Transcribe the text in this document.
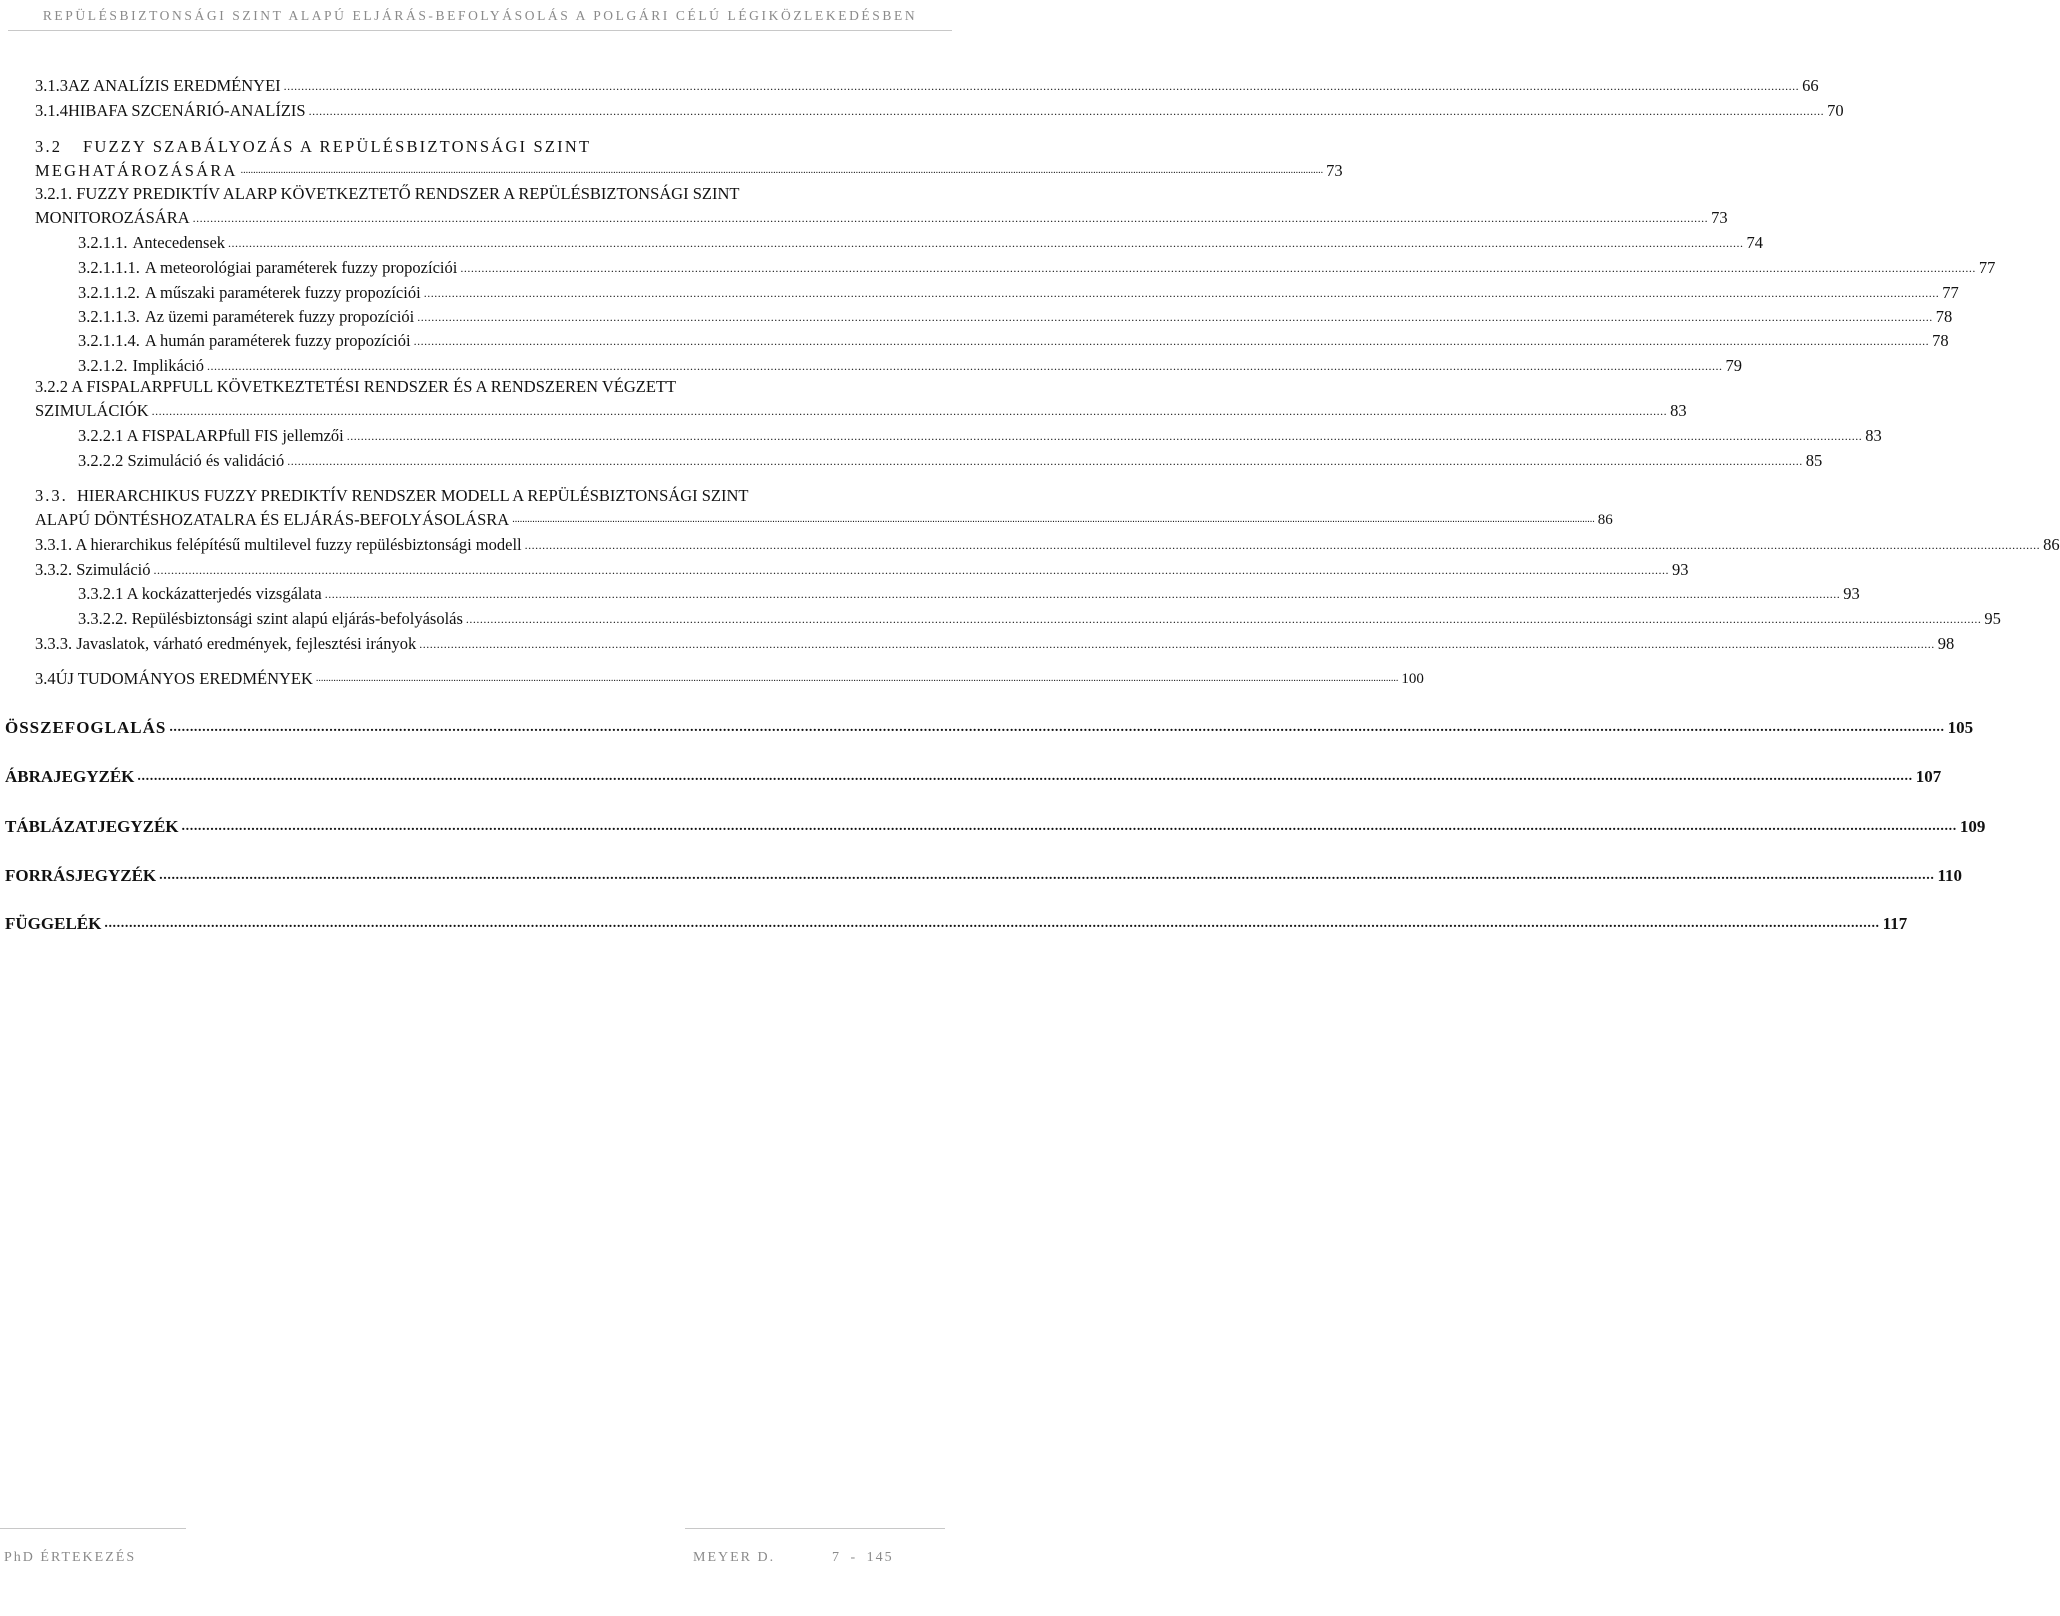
REPÜLÉSBIZTONSÁGI SZINT ALAPÚ ELJÁRÁS-BEFOLYÁSOLÁS A POLGÁRI CÉLÚ LÉGIKÖZLEKEDÉSBEN
3.1.3 AZ ANALÍZIS EREDMÉNYEI .....	66
3.1.4 HIBAFA SZCENÁRIÓ-ANALÍZIS .....	70
3.2 FUZZY SZABÁLYOZÁS A REPÜLÉSBIZTONSÁGI SZINT
MEGHATÁROZÁSÁRA .....	73
3.2.1. FUZZY PREDIKTÍV ALARP KÖVETKEZTETŐ RENDSZER A REPÜLÉSBIZTONSÁGI SZINT
MONITOROZÁSÁRA .....	73
3.2.1.1. Antecedensek .....	74
3.2.1.1.1. A meteorológiai paraméterek fuzzy propozíciói .....	77
3.2.1.1.2. A műszaki paraméterek fuzzy propozíciói .....	77
3.2.1.1.3. Az üzemi paraméterek fuzzy propozíciói .....	78
3.2.1.1.4. A humán paraméterek fuzzy propozíciói .....	78
3.2.1.2. Implikáció .....	79
3.2.2 A FISPALARPFULL KÖVETKEZTETÉSI RENDSZER ÉS A RENDSZEREN VÉGZETT
SZIMULÁCIÓK .....	83
3.2.2.1 A FISPALARPfull FIS jellemzői .....	83
3.2.2.2 Szimuláció és validáció .....	85
3.3. HIERARCHIKUS FUZZY PREDIKTÍV RENDSZER MODELL A REPÜLÉSBIZTONSÁGI SZINT
ALAPÚ DÖNTÉSHOZATALRA ÉS ELJÁRÁS-BEFOLYÁSOLÁSRA .....	86
3.3.1. A hierarchikus felépítésű multilevel fuzzy repülésbiztonsági modell .....	86
3.3.2. Szimuláció .....	93
3.3.2.1 A kockázatterjedés vizsgálata .....	93
3.3.2.2. Repülésbiztonsági szint alapú eljárás-befolyásolás .....	95
3.3.3. Javaslatok, várható eredmények, fejlesztési irányok .....	98
3.4 ÚJ TUDOMÁNYOS EREDMÉNYEK .....	100
ÖSSZEFOGLALÁS .....	105
ÁBRAJEGYZÉK .....	107
TÁBLÁZATJEGYZÉK .....	109
FORRÁSJEGYZÉK .....	110
FÜGGELÉK .....	117
PhD ÉRTEKEZÉS	MEYER D.	7 - 145
